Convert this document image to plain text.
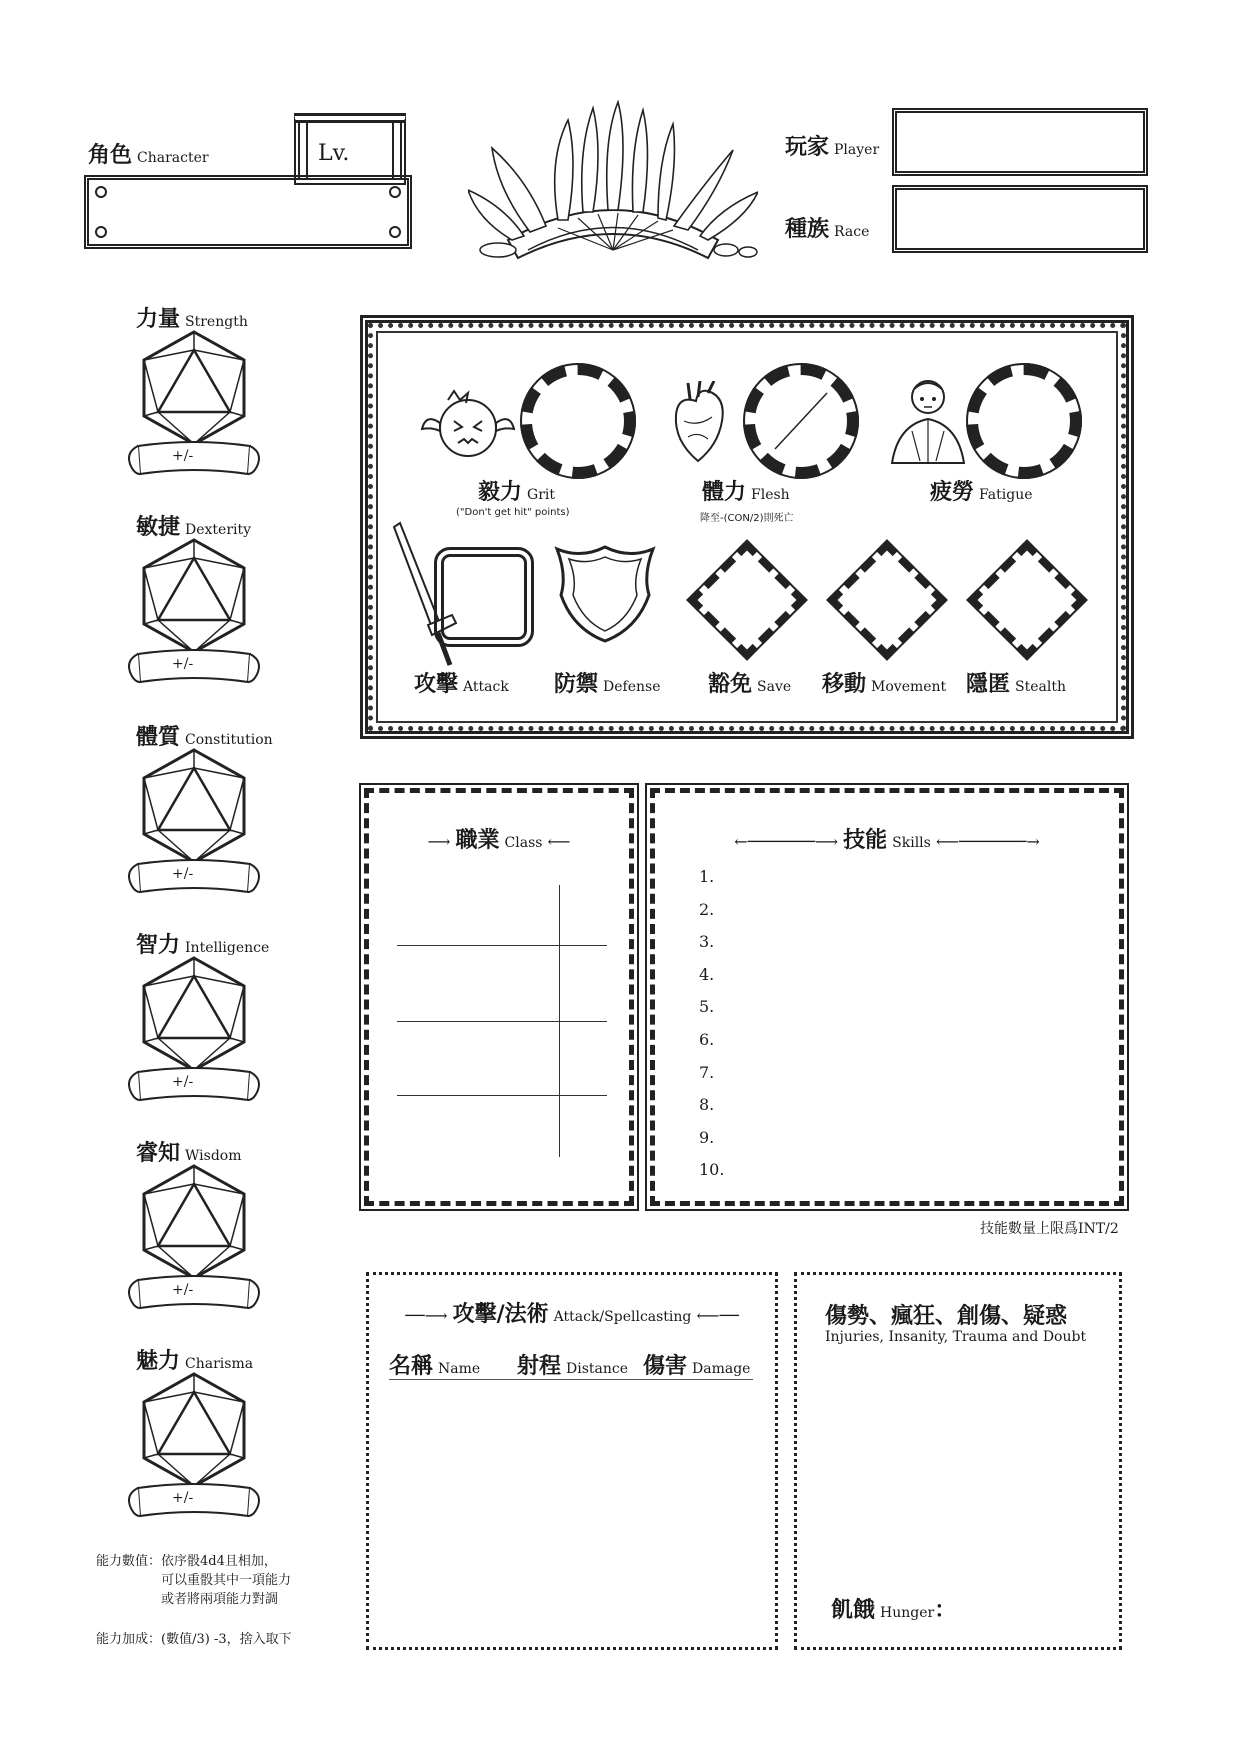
角色 Character	Lv.	玩家 Player
種族 Race
力量 Strength
+/-
敏捷 Dexterity
+/-
體質 Constitution
+/-
智力 Intelligence
+/-
睿知 Wisdom
+/-
魅力 Charisma
+/-
毅力 Grit
("Don't get hit" points)
體力 Flesh
降至-(CON/2)則死亡
疲勞 Fatigue
攻擊 Attack 防禦 Defense 豁免 Save 移動 Movement 隱匿 Stealth
⟶ 職業 Class ⟵	←───────⟶ 技能 Skills ⟵───────→
1.
2.
3.
4.
5.
6.
7.
8.
9.
10.
技能數量上限爲INT/2
──⟶ 攻擊/法術 Attack/Spellcasting ⟵──
名稱 Name 射程 Distance 傷害 Damage
傷勢、瘋狂、創傷、疑惑
Injuries, Insanity, Trauma and Doubt
飢餓 Hunger：
能力數值： 依序骰4d4且相加，
可以重骰其中一項能力
或者將兩項能力對調
能力加成：(數值/3) -3，捨入取下
